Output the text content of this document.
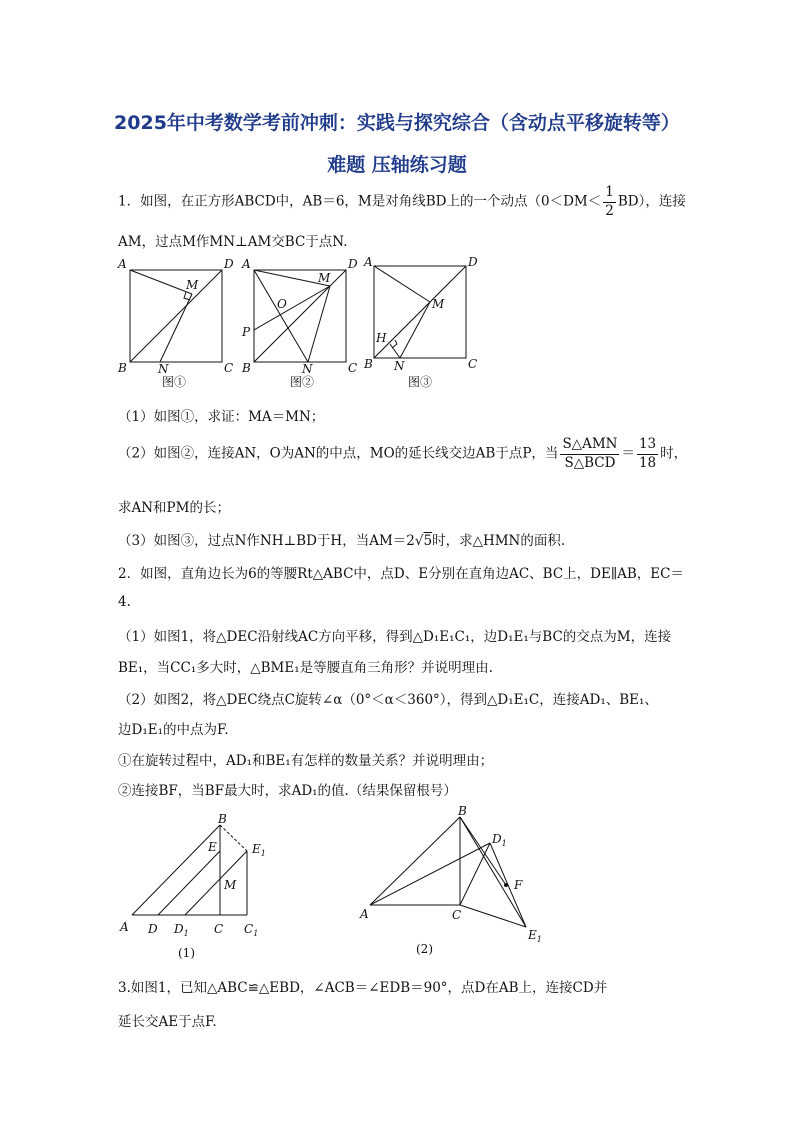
2025年中考数学考前冲刺：实践与探究综合（含动点平移旋转等）
难题 压轴练习题
1．如图，在正方形ABCD中，AB＝6，M是对角线BD上的一个动点$(0<DM< \frac{1}{2} BD)$，连接
AM，过点M作MN⊥AM交BC于点N.
A	D
B	C
M
N
图①
A	D
B	C
M
O
P
N
图②
A	D
B	C
M
H
N
图③
（1）如图①，求证：MA＝MN；
（2）如图②，连接AN，O为AN的中点，MO的延长线交边AB于点P，当 $\frac{\text{S△AMN}}{\text{S△BCD}} = \frac{13}{18}$ 时，
求AN和PM的长；
（3）如图③，过点N作NH⊥BD于H，当AM＝2√5时，求△HMN的面积.
2．如图，直角边长为6的等腰Rt△ABC中，点D、E分别在直角边AC、BC上，DE∥AB，EC＝
4.
（1）如图1，将△DEC沿射线AC方向平移，得到△D₁E₁C₁，边D₁E₁与BC的交点为M，连接
BE₁，当CC₁多大时，△BME₁是等腰直角三角形？并说明理由.
（2）如图2，将△DEC绕点C旋转∠α（0°＜α＜360°），得到△D₁E₁C，连接AD₁、BE₁、
边D₁E₁的中点为F.
①在旋转过程中，AD₁和BE₁有怎样的数量关系？并说明理由；
②连接BF，当BF最大时，求AD₁的值.（结果保留根号）
B
E	$E_1$
M
A D $D_1$ C $C_1$
(1)
B
$D_1$
F
A	C
$E_1$
(2)
3.如图1，已知△ABC≌△EBD，∠ACB＝∠EDB＝90°，点D在AB上，连接CD并
延长交AE于点F.
